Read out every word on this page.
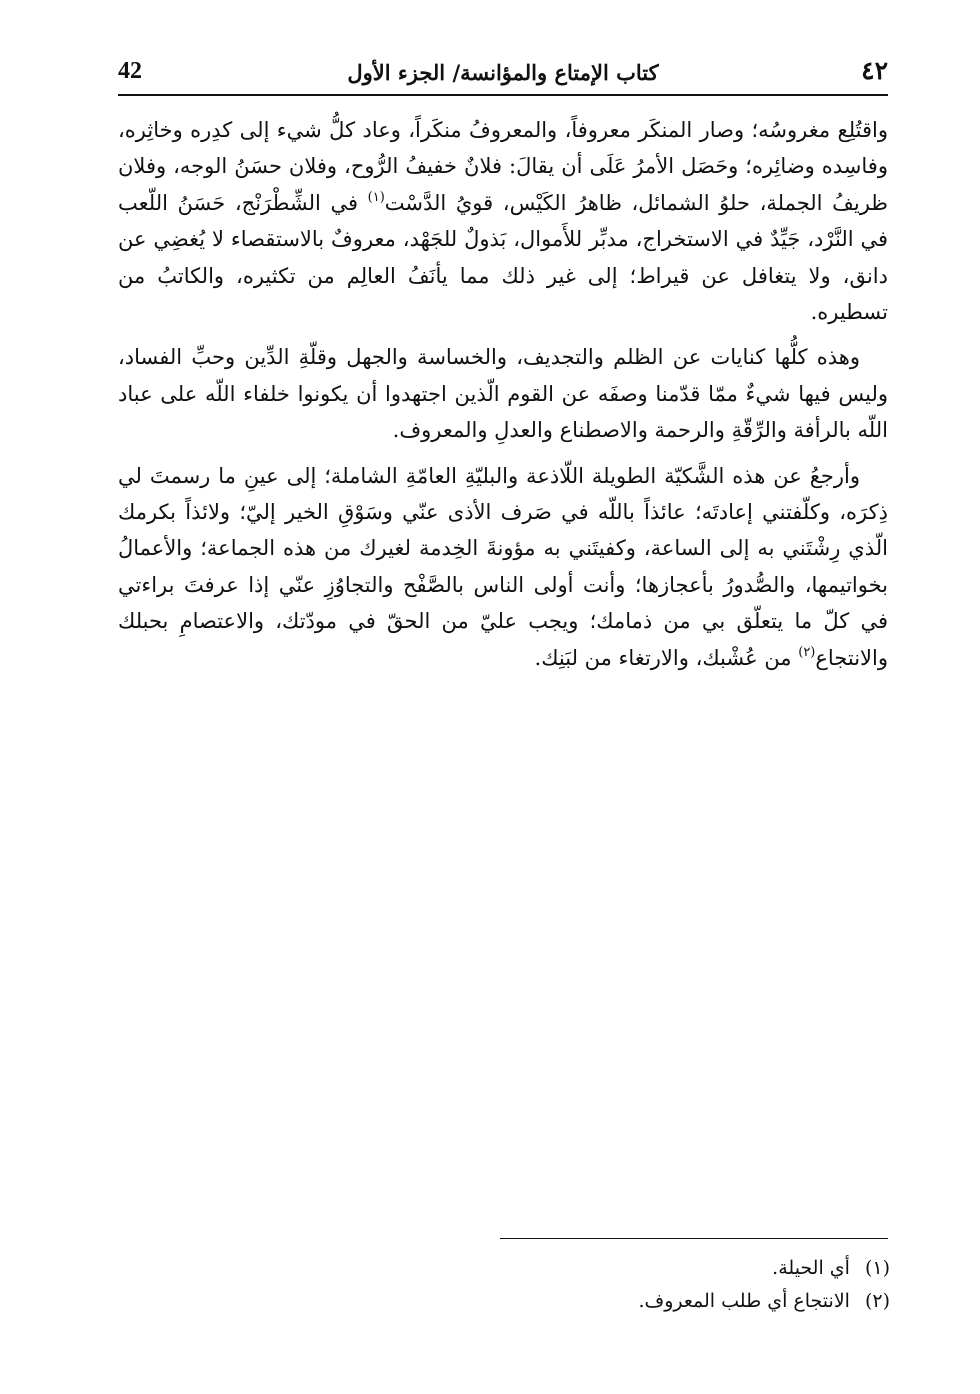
42	كتاب الإمتاع والمؤانسة/ الجزء الأول	٤٢

واقتُلِع مغروسُه؛ وصار المنكَر معروفاً، والمعروفُ منكَراً، وعاد كلُّ شيء إلى كدِره وخاثِره، وفاسِده وضائِره؛ وحَصَل الأمرُ عَلَى أن يقالَ: فلانٌ خفيفُ الرُّوح، وفلان حسَنُ الوجه، وفلان ظريفُ الجملة، حلوُ الشمائل، ظاهرُ الكَيْس، قويُ الدَّسْت$^{(١)}$ في الشِّطْرَنْج، حَسَنُ اللّعب في النَّرْد، جَيِّدٌ في الاستخراج، مدبِّر للأَموال، بَذولٌ للجَهْد، معروفٌ بالاستقصاء لا يُغضِي عن دانق، ولا يتغافل عن قيراط؛ إلى غير ذلك مما يأنَفُ العالِم من تكثيره، والكاتبُ من تسطيره.

وهذه كلُّها كنايات عن الظلم والتجديف، والخساسة والجهل وقلّةِ الدِّين وحبِّ الفساد، وليس فيها شيءٌ ممّا قدّمنا وصفَه عن القوم الّذين اجتهدوا أن يكونوا خلفاء اللّه على عباد اللّه بالرأفة والرِّقّةِ والرحمة والاصطناع والعدلِ والمعروف.

وأرجعُ عن هذه الشَّكيّة الطويلة اللّاذعة والبليّةِ العامّةِ الشاملة؛ إلى عينِ ما رسمتَ لي ذِكرَه، وكلّفتني إعادتَه؛ عائذاً باللّه في صَرف الأذى عنّي وسَوْقِ الخير إليّ؛ ولائذاً بكرمك الّذي رِشْتَني به إلى الساعة، وكفيتَني به مؤونةَ الخِدمة لغيرك من هذه الجماعة؛ والأعمالُ بخواتيمها، والصُّدورُ بأعجازها؛ وأنت أولى الناس بالصَّفْح والتجاوُزِ عنّي إذا عرفتَ براءتي في كلّ ما يتعلّق بي من ذمامك؛ ويجب عليّ من الحقّ في مودّتك، والاعتصامِ بحبلك والانتجاع$^{(٢)}$ من عُشْبك، والارتغاء من لبَنِك.

(١) أي الحيلة.
(٢) الانتجاع أي طلب المعروف.
